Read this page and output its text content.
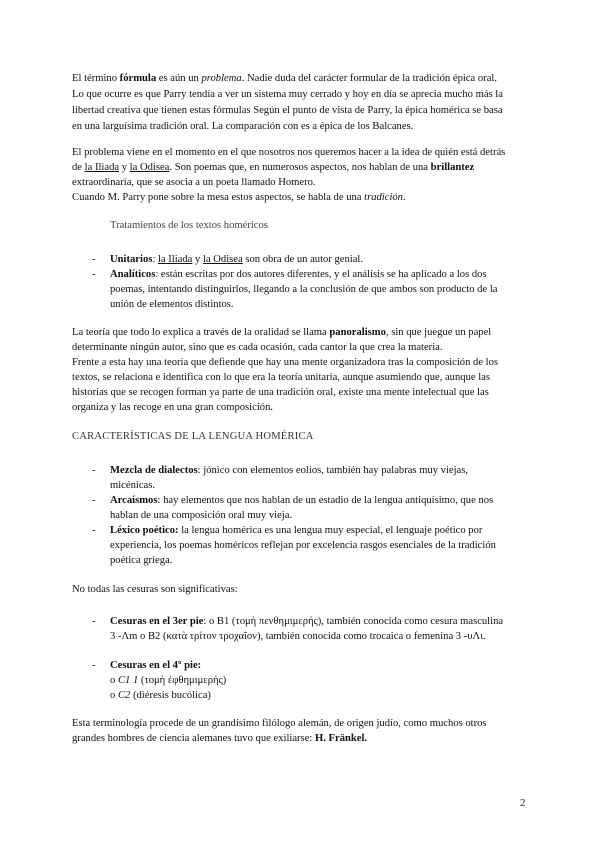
El término fórmula es aún un problema. Nadie duda del carácter formular de la tradición épica oral.
Lo que ocurre es que Parry tendía a ver un sistema muy cerrado y hoy en día se aprecia mucho más la
libertad creativa que tienen estas fórmulas Según el punto de vista de Parry, la épica homérica se basa
en una larguísima tradición oral. La comparación con es a épica de los Balcanes.
El problema viene en el momento en el que nosotros nos queremos hacer a la idea de quién está detrás
de la Iliada y la Odisea. Son poemas que, en numerosos aspectos, nos hablan de una brillantez
extraordinaria, que se asocia a un poeta llamado Homero.
Cuando M. Parry pone sobre la mesa estos aspectos, se habla de una tradición.
Tratamientos de los textos homéricos
- Unitarios: la Iliada y la Odisea son obra de un autor genial.
- Analíticos: están escritas por dos autores diferentes, y el análisis se ha aplicado a los dos
poemas, intentando distinguirlos, llegando a la conclusión de que ambos son producto de la
unión de elementos distintos.
La teoría que todo lo explica a través de la oralidad se llama panoralismo, sin que juegue un papel
determinante ningún autor, sino que es cada ocasión, cada cantor la que crea la materia.
Frente a esta hay una teoría que defiende que hay una mente organizadora tras la composición de los
textos, se relaciona e identifica con lo que era la teoría unitaria, aunque asumiendo que, aunque las
historias que se recogen forman ya parte de una tradición oral, existe una mente intelectual que las
organiza y las recoge en una gran composición.
CARACTERÍSTICAS DE LA LENGUA HOMÉRICA
- Mezcla de dialectos: jónico con elementos eolios, también hay palabras muy viejas,
micénicas.
- Arcaísmos: hay elementos que nos hablan de un estadio de la lengua antiquísimo, que nos
hablan de una composición oral muy vieja.
- Léxico poético: la lengua homérica es una lengua muy especial, el lenguaje poético por
experiencia, los poemas homéricos reflejan por excelencia rasgos esenciales de la tradición
poética griega.
No todas las cesuras son significativas:
- Cesuras en el 3er pie: o B1 (τομὴ πενθημιμερής), también conocida como cesura masculina
3 -Λm o B2 (κατὰ τρίτον τροχαῖον), también conocida como trocaica o femenina 3 -υΛι.
- Cesuras en el 4º pie:
o C1 1 (τομὴ ἑφθημιμερής)
o C2 (diéresis bucólica)
Esta terminología procede de un grandísimo filólogo alemán, de origen judío, como muchos otros
grandes hombres de ciencia alemanes tuvo que exiliarse: H. Fränkel.
2
